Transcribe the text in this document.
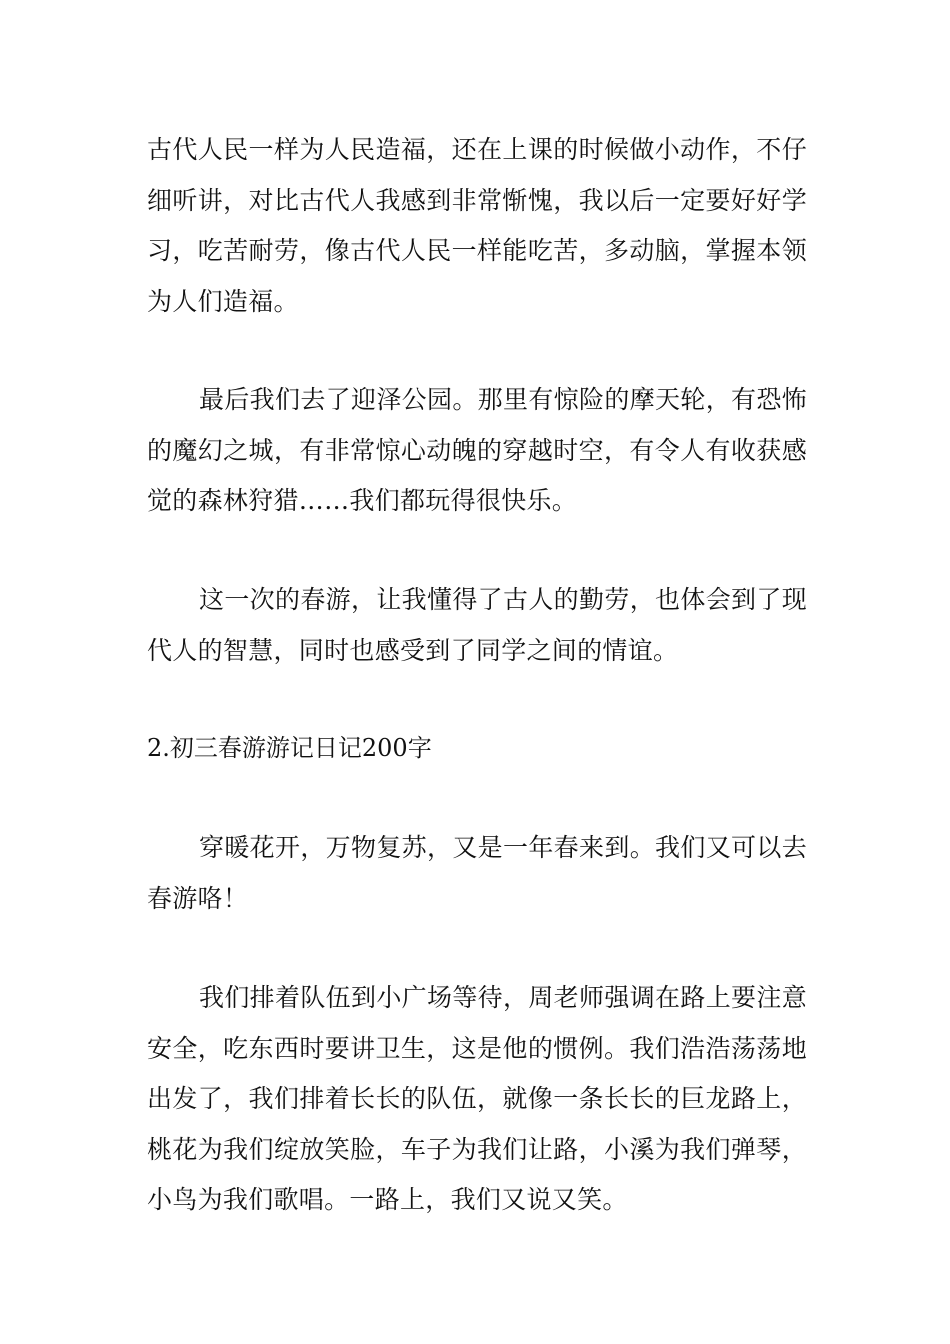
古代人民一样为人民造福，还在上课的时候做小动作，不仔细听讲，对比古代人我感到非常惭愧，我以后一定要好好学习，吃苦耐劳，像古代人民一样能吃苦，多动脑，掌握本领为人们造福。

最后我们去了迎泽公园。那里有惊险的摩天轮，有恐怖的魔幻之城，有非常惊心动魄的穿越时空，有令人有收获感觉的森林狩猎……我们都玩得很快乐。

这一次的春游，让我懂得了古人的勤劳，也体会到了现代人的智慧，同时也感受到了同学之间的情谊。

2.初三春游游记日记200字

穿暖花开，万物复苏，又是一年春来到。我们又可以去春游咯！

我们排着队伍到小广场等待，周老师强调在路上要注意安全，吃东西时要讲卫生，这是他的惯例。我们浩浩荡荡地出发了，我们排着长长的队伍，就像一条长长的巨龙路上，桃花为我们绽放笑脸，车子为我们让路，小溪为我们弹琴，小鸟为我们歌唱。一路上，我们又说又笑。
